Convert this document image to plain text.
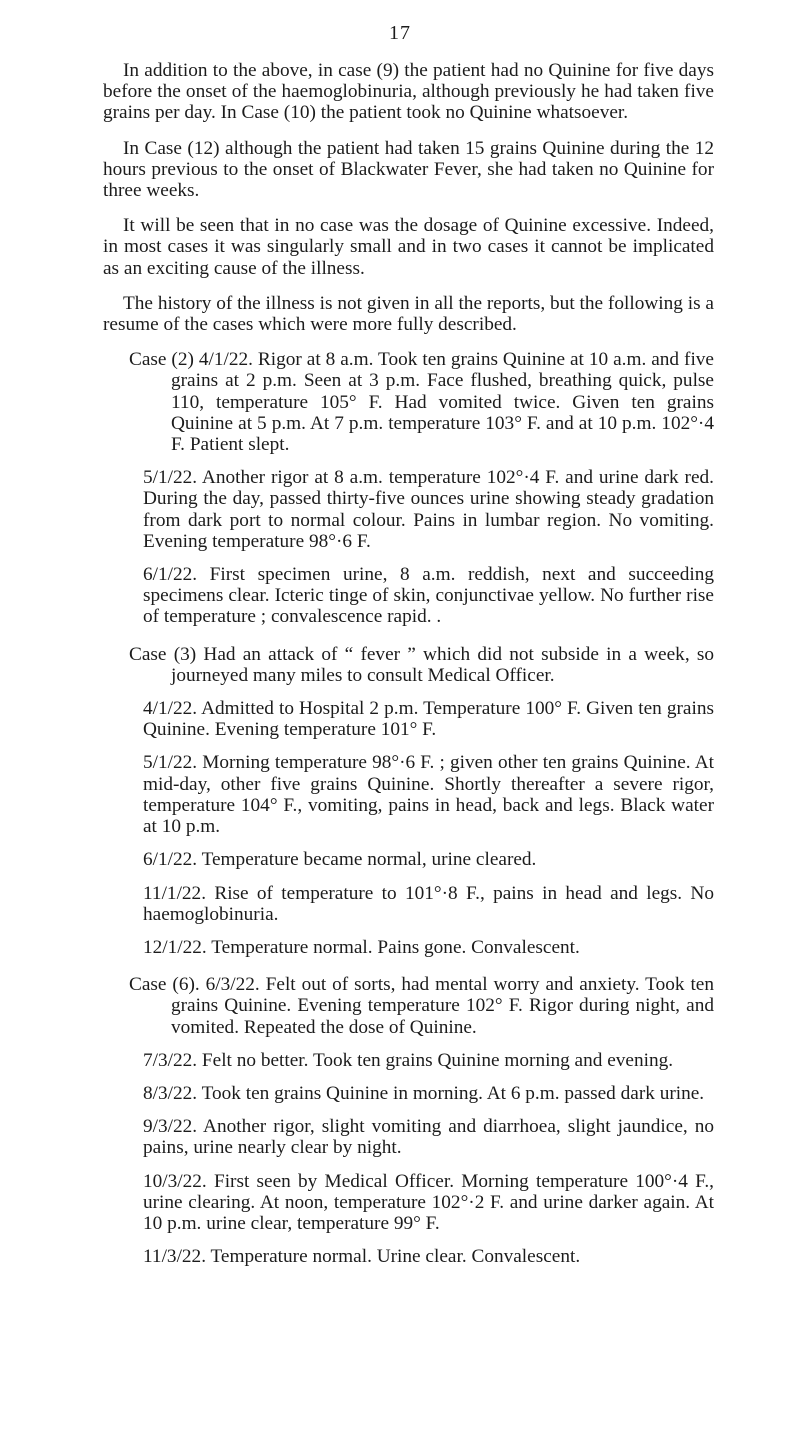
17

In addition to the above, in case (9) the patient had no Quinine for five days before the onset of the haemoglobinuria, although previously he had taken five grains per day. In Case (10) the patient took no Quinine whatsoever.

In Case (12) although the patient had taken 15 grains Quinine during the 12 hours previous to the onset of Blackwater Fever, she had taken no Quinine for three weeks.

It will be seen that in no case was the dosage of Quinine excessive. Indeed, in most cases it was singularly small and in two cases it cannot be implicated as an exciting cause of the illness.

The history of the illness is not given in all the reports, but the following is a resume of the cases which were more fully described.

Case (2) 4/1/22. Rigor at 8 a.m. Took ten grains Quinine at 10 a.m. and five grains at 2 p.m. Seen at 3 p.m. Face flushed, breathing quick, pulse 110, temperature 105° F. Had vomited twice. Given ten grains Quinine at 5 p.m. At 7 p.m. temperature 103° F. and at 10 p.m. 102°·4 F. Patient slept.

5/1/22. Another rigor at 8 a.m. temperature 102°·4 F. and urine dark red. During the day, passed thirty-five ounces urine showing steady gradation from dark port to normal colour. Pains in lumbar region. No vomiting. Evening temperature 98°·6 F.

6/1/22. First specimen urine, 8 a.m. reddish, next and succeeding specimens clear. Icteric tinge of skin, conjunctivae yellow. No further rise of temperature ; convalescence rapid. .

Case (3) Had an attack of “ fever ” which did not subside in a week, so journeyed many miles to consult Medical Officer.

4/1/22. Admitted to Hospital 2 p.m. Temperature 100° F. Given ten grains Quinine. Evening temperature 101° F.

5/1/22. Morning temperature 98°·6 F. ; given other ten grains Quinine. At mid-day, other five grains Quinine. Shortly thereafter a severe rigor, temperature 104° F., vomiting, pains in head, back and legs. Black water at 10 p.m.

6/1/22. Temperature became normal, urine cleared.

11/1/22. Rise of temperature to 101°·8 F., pains in head and legs. No haemoglobinuria.

12/1/22. Temperature normal. Pains gone. Convalescent.

Case (6). 6/3/22. Felt out of sorts, had mental worry and anxiety. Took ten grains Quinine. Evening temperature 102° F. Rigor during night, and vomited. Repeated the dose of Quinine.

7/3/22. Felt no better. Took ten grains Quinine morning and evening.

8/3/22. Took ten grains Quinine in morning. At 6 p.m. passed dark urine.

9/3/22. Another rigor, slight vomiting and diarrhoea, slight jaundice, no pains, urine nearly clear by night.

10/3/22. First seen by Medical Officer. Morning temperature 100°·4 F., urine clearing. At noon, temperature 102°·2 F. and urine darker again. At 10 p.m. urine clear, temperature 99° F.

11/3/22. Temperature normal. Urine clear. Convalescent.
